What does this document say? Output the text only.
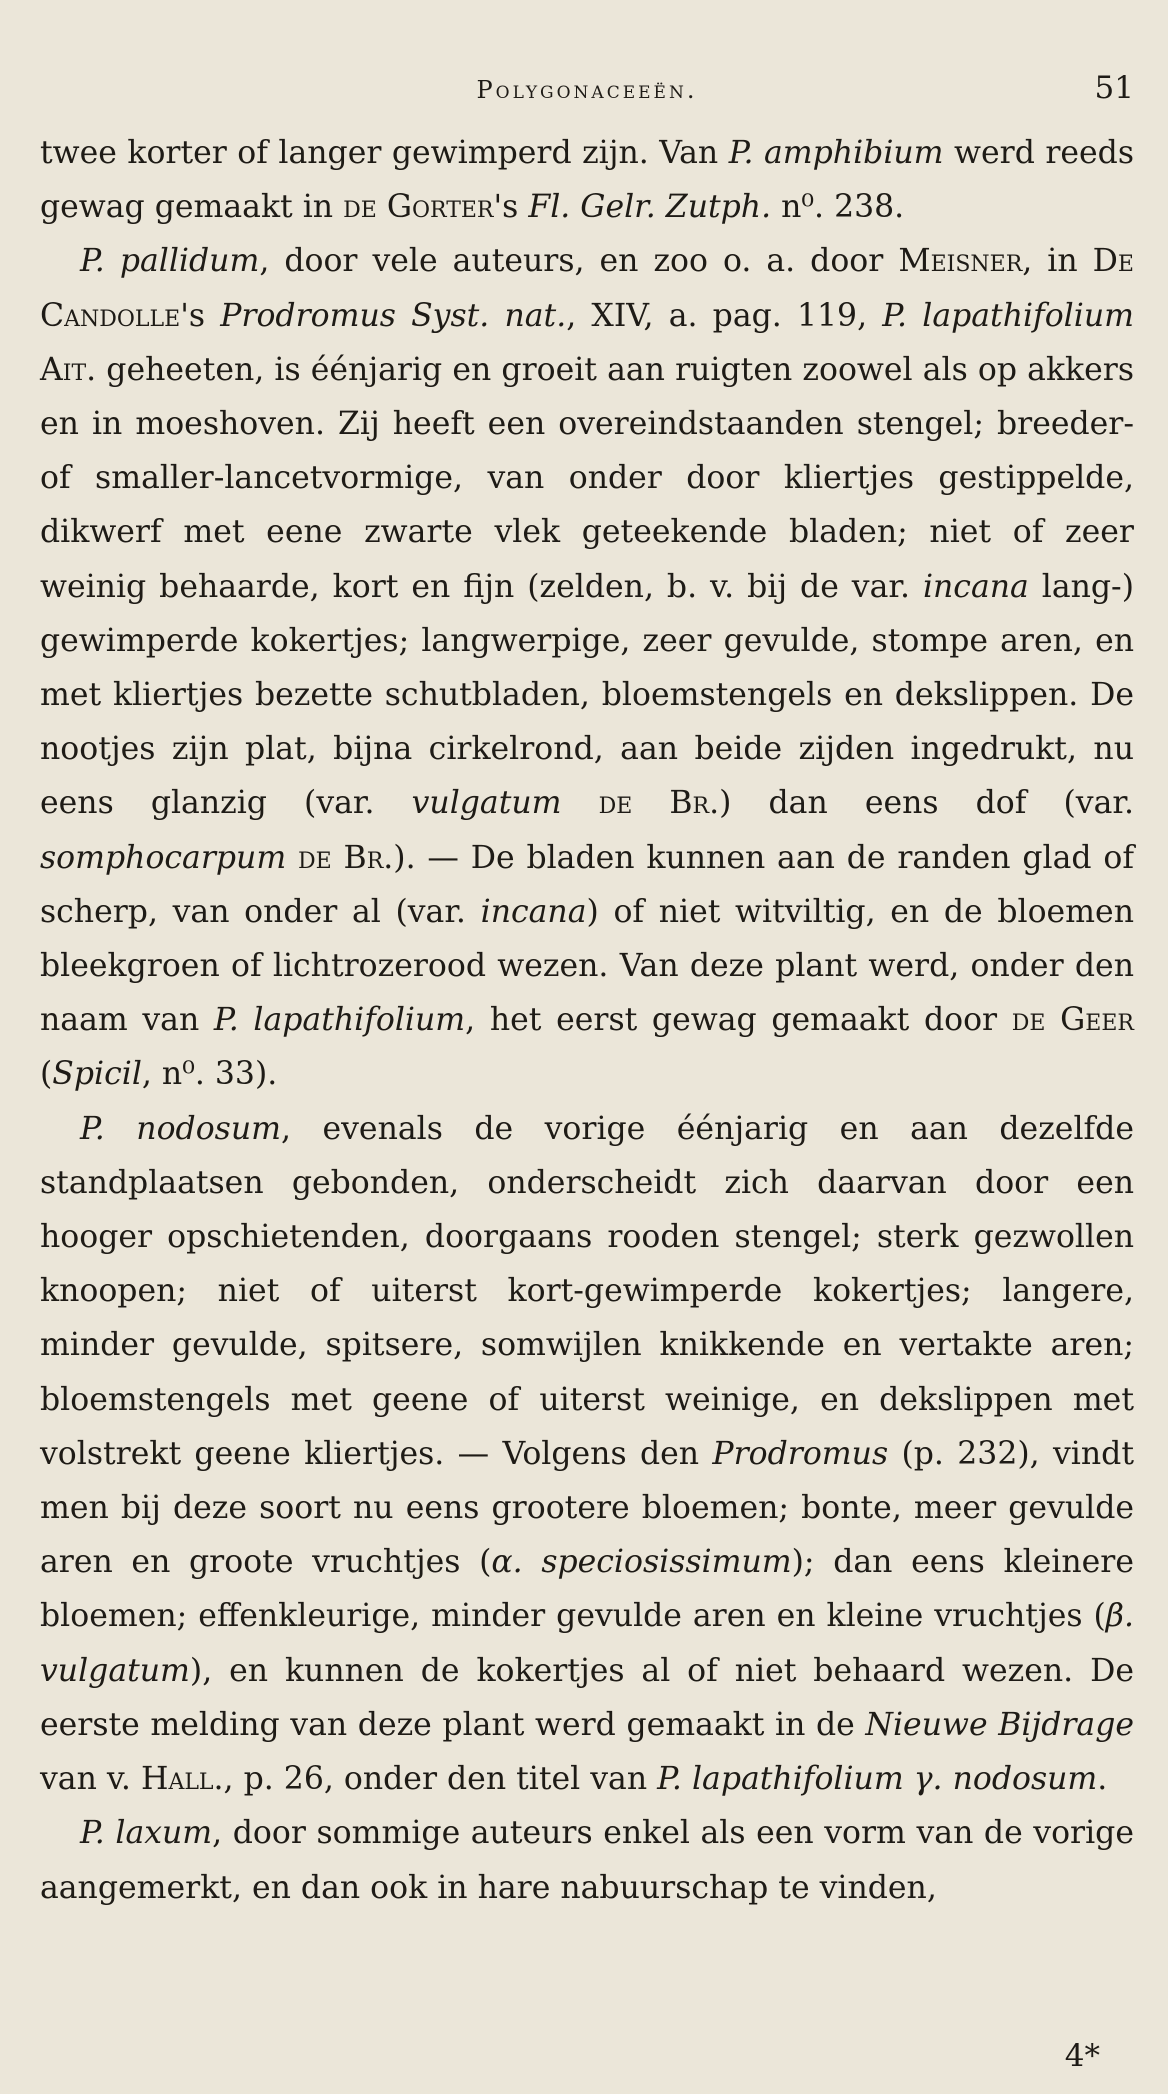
Polygonaceeën.	51

twee korter of langer gewimperd zijn. Van P. amphibium werd reeds gewag gemaakt in de Gorter's Fl. Gelr. Zutph. n⁰. 238.

P. pallidum, door vele auteurs, en zoo o. a. door Meisner, in De Candolle's Prodromus Syst. nat., XIV, a. pag. 119, P. lapathifolium Ait. geheeten, is éénjarig en groeit aan ruigten zoowel als op akkers en in moeshoven. Zij heeft een overeindstaanden stengel; breeder- of smaller-lancetvormige, van onder door kliertjes gestippelde, dikwerf met eene zwarte vlek geteekende bladen; niet of zeer weinig behaarde, kort en fijn (zelden, b. v. bij de var. incana lang-) gewimperde kokertjes; langwerpige, zeer gevulde, stompe aren, en met kliertjes bezette schutbladen, bloemstengels en dekslippen. De nootjes zijn plat, bijna cirkelrond, aan beide zijden ingedrukt, nu eens glanzig (var. vulgatum de Br.) dan eens dof (var. somphocarpum de Br.). — De bladen kunnen aan de randen glad of scherp, van onder al (var. incana) of niet witviltig, en de bloemen bleekgroen of lichtrozerood wezen. Van deze plant werd, onder den naam van P. lapathifolium, het eerst gewag gemaakt door de Geer (Spicil, n⁰. 33).

P. nodosum, evenals de vorige éénjarig en aan dezelfde standplaatsen gebonden, onderscheidt zich daarvan door een hooger opschietenden, doorgaans rooden stengel; sterk gezwollen knoopen; niet of uiterst kort-gewimperde kokertjes; langere, minder gevulde, spitsere, somwijlen knikkende en vertakte aren; bloemstengels met geene of uiterst weinige, en dekslippen met volstrekt geene kliertjes. — Volgens den Prodromus (p. 232), vindt men bij deze soort nu eens grootere bloemen; bonte, meer gevulde aren en groote vruchtjes (α. speciosissimum); dan eens kleinere bloemen; effenkleurige, minder gevulde aren en kleine vruchtjes (β. vulgatum), en kunnen de kokertjes al of niet behaard wezen. De eerste melding van deze plant werd gemaakt in de Nieuwe Bijdrage van v. Hall., p. 26, onder den titel van P. lapathifolium γ. nodosum.

P. laxum, door sommige auteurs enkel als een vorm van de vorige aangemerkt, en dan ook in hare nabuurschap te vinden,

4*
